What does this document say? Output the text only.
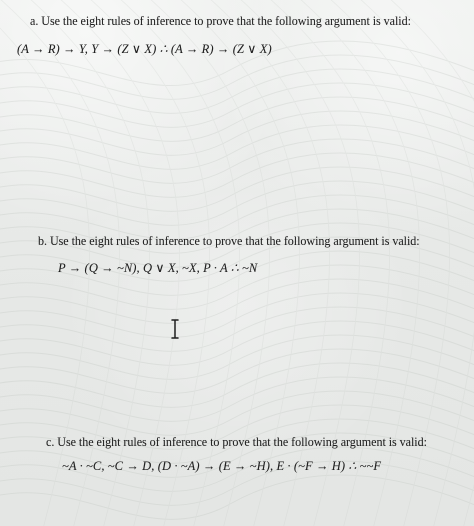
a. Use the eight rules of inference to prove that the following argument is valid:
(A → R) → Y, Y → (Z ∨ X) ∴ (A → R) → (Z ∨ X)
b. Use the eight rules of inference to prove that the following argument is valid:
P → (Q → ~N), Q ∨ X, ~X, P · A ∴ ~N
c. Use the eight rules of inference to prove that the following argument is valid:
~A · ~C, ~C → D, (D · ~A) → (E → ~H), E · (~F → H) ∴ ~~F
